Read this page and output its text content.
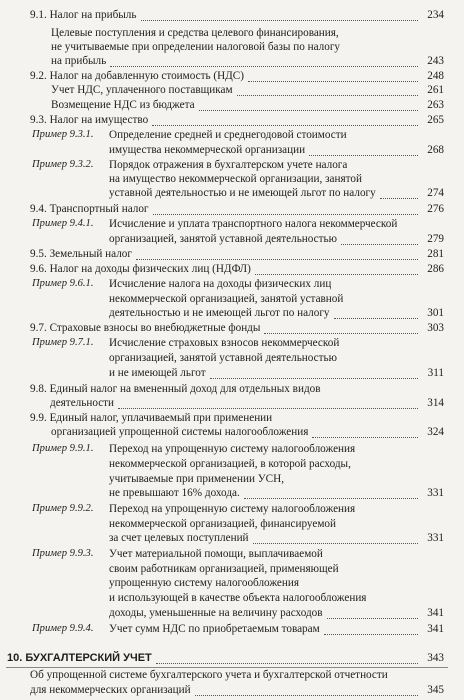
9.1. Налог на прибыль	234
Целевые поступления и средства целевого финансирования,
не учитываемые при определении налоговой базы по налогу
на прибыль	243
9.2. Налог на добавленную стоимость (НДС)	248
Учет НДС, уплаченного поставщикам	261
Возмещение НДС из бюджета	263
9.3. Налог на имущество	265
Пример 9.3.1. Определение средней и среднегодовой стоимости
имущества некоммерческой организации	268
Пример 9.3.2. Порядок отражения в бухгалтерском учете налога
на имущество некоммерческой организации, занятой
уставной деятельностью и не имеющей льгот по налогу	274
9.4. Транспортный налог	276
Пример 9.4.1. Исчисление и уплата транспортного налога некоммерческой
организацией, занятой уставной деятельностью	279
9.5. Земельный налог	281
9.6. Налог на доходы физических лиц (НДФЛ)	286
Пример 9.6.1. Исчисление налога на доходы физических лиц
некоммерческой организацией, занятой уставной
деятельностью и не имеющей льгот по налогу	301
9.7. Страховые взносы во внебюджетные фонды	303
Пример 9.7.1. Исчисление страховых взносов некоммерческой
организацией, занятой уставной деятельностью
и не имеющей льгот	311
9.8. Единый налог на вмененный доход для отдельных видов
деятельности	314
9.9. Единый налог, уплачиваемый при применении
организацией упрощенной системы налогообложения	324
Пример 9.9.1. Переход на упрощенную систему налогообложения
некоммерческой организацией, в которой расходы,
учитываемые при применении УСН,
не превышают 16% дохода.	331
Пример 9.9.2. Переход на упрощенную систему налогообложения
некоммерческой организацией, финансируемой
за счет целевых поступлений	331
Пример 9.9.3. Учет материальной помощи, выплачиваемой
своим работникам организацией, применяющей
упрощенную систему налогообложения
и использующей в качестве объекта налогообложения
доходы, уменьшенные на величину расходов	341
Пример 9.9.4. Учет сумм НДС по приобретаемым товарам	341
10. БУХГАЛТЕРСКИЙ УЧЕТ	343
Об упрощенной системе бухгалтерского учета и бухгалтерской отчетности
для некоммерческих организаций	345
